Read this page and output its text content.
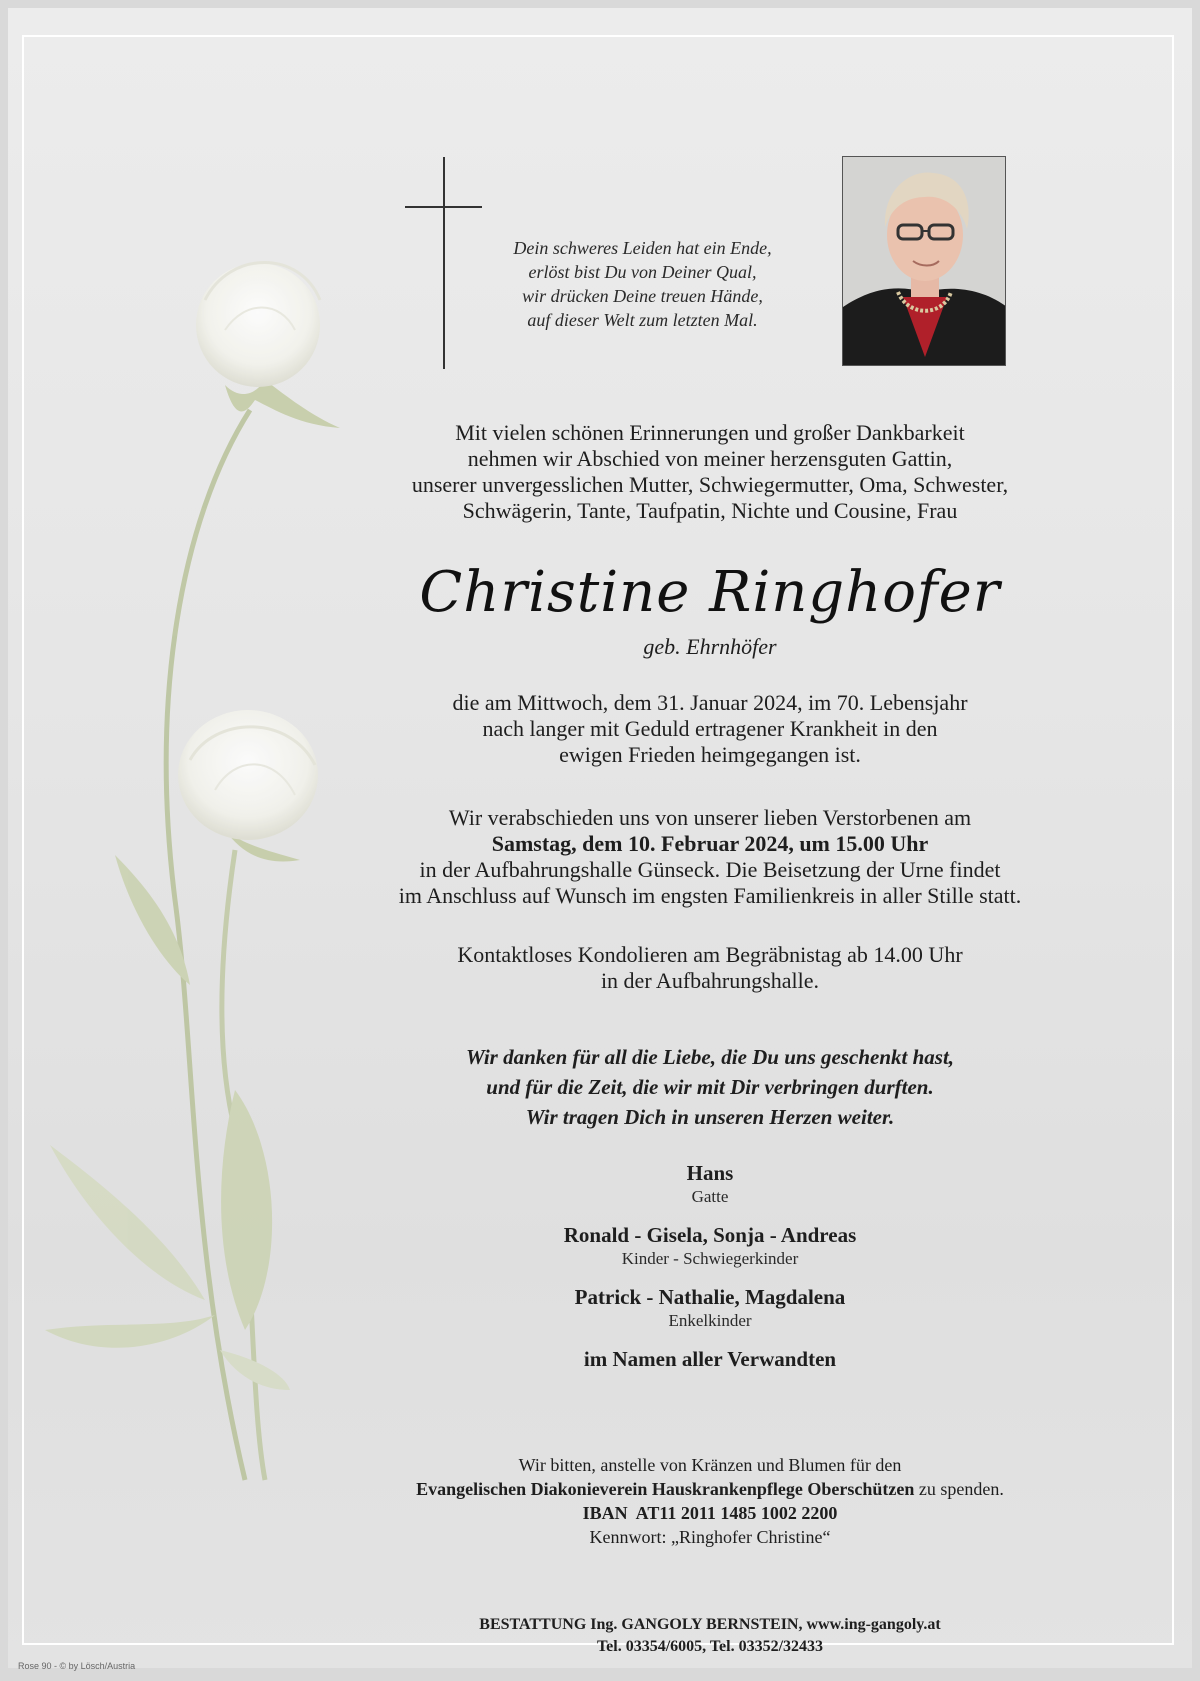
Dein schweres Leiden hat ein Ende,
erlöst bist Du von Deiner Qual,
wir drücken Deine treuen Hände,
auf dieser Welt zum letzten Mal.
Mit vielen schönen Erinnerungen und großer Dankbarkeit
nehmen wir Abschied von meiner herzensguten Gattin,
unserer unvergesslichen Mutter, Schwiegermutter, Oma, Schwester,
Schwägerin, Tante, Taufpatin, Nichte und Cousine, Frau
Christine Ringhofer
geb. Ehrnhöfer
die am Mittwoch, dem 31. Januar 2024, im 70. Lebensjahr
nach langer mit Geduld ertragener Krankheit in den
ewigen Frieden heimgegangen ist.
Wir verabschieden uns von unserer lieben Verstorbenen am
Samstag, dem 10. Februar 2024, um 15.00 Uhr
in der Aufbahrungshalle Günseck. Die Beisetzung der Urne findet
im Anschluss auf Wunsch im engsten Familienkreis in aller Stille statt.
Kontaktloses Kondolieren am Begräbnistag ab 14.00 Uhr
in der Aufbahrungshalle.
Wir danken für all die Liebe, die Du uns geschenkt hast,
und für die Zeit, die wir mit Dir verbringen durften.
Wir tragen Dich in unseren Herzen weiter.
Hans
Gatte
Ronald - Gisela, Sonja - Andreas
Kinder - Schwiegerkinder
Patrick - Nathalie, Magdalena
Enkelkinder
im Namen aller Verwandten
Wir bitten, anstelle von Kränzen und Blumen für den
Evangelischen Diakonieverein Hauskrankenpflege Oberschützen zu spenden.
IBAN  AT11 2011 1485 1002 2200
Kennwort: „Ringhofer Christine“
BESTATTUNG Ing. GANGOLY BERNSTEIN, www.ing-gangoly.at
Tel. 03354/6005, Tel. 03352/32433
Rose 90 - © by Lösch/Austria
